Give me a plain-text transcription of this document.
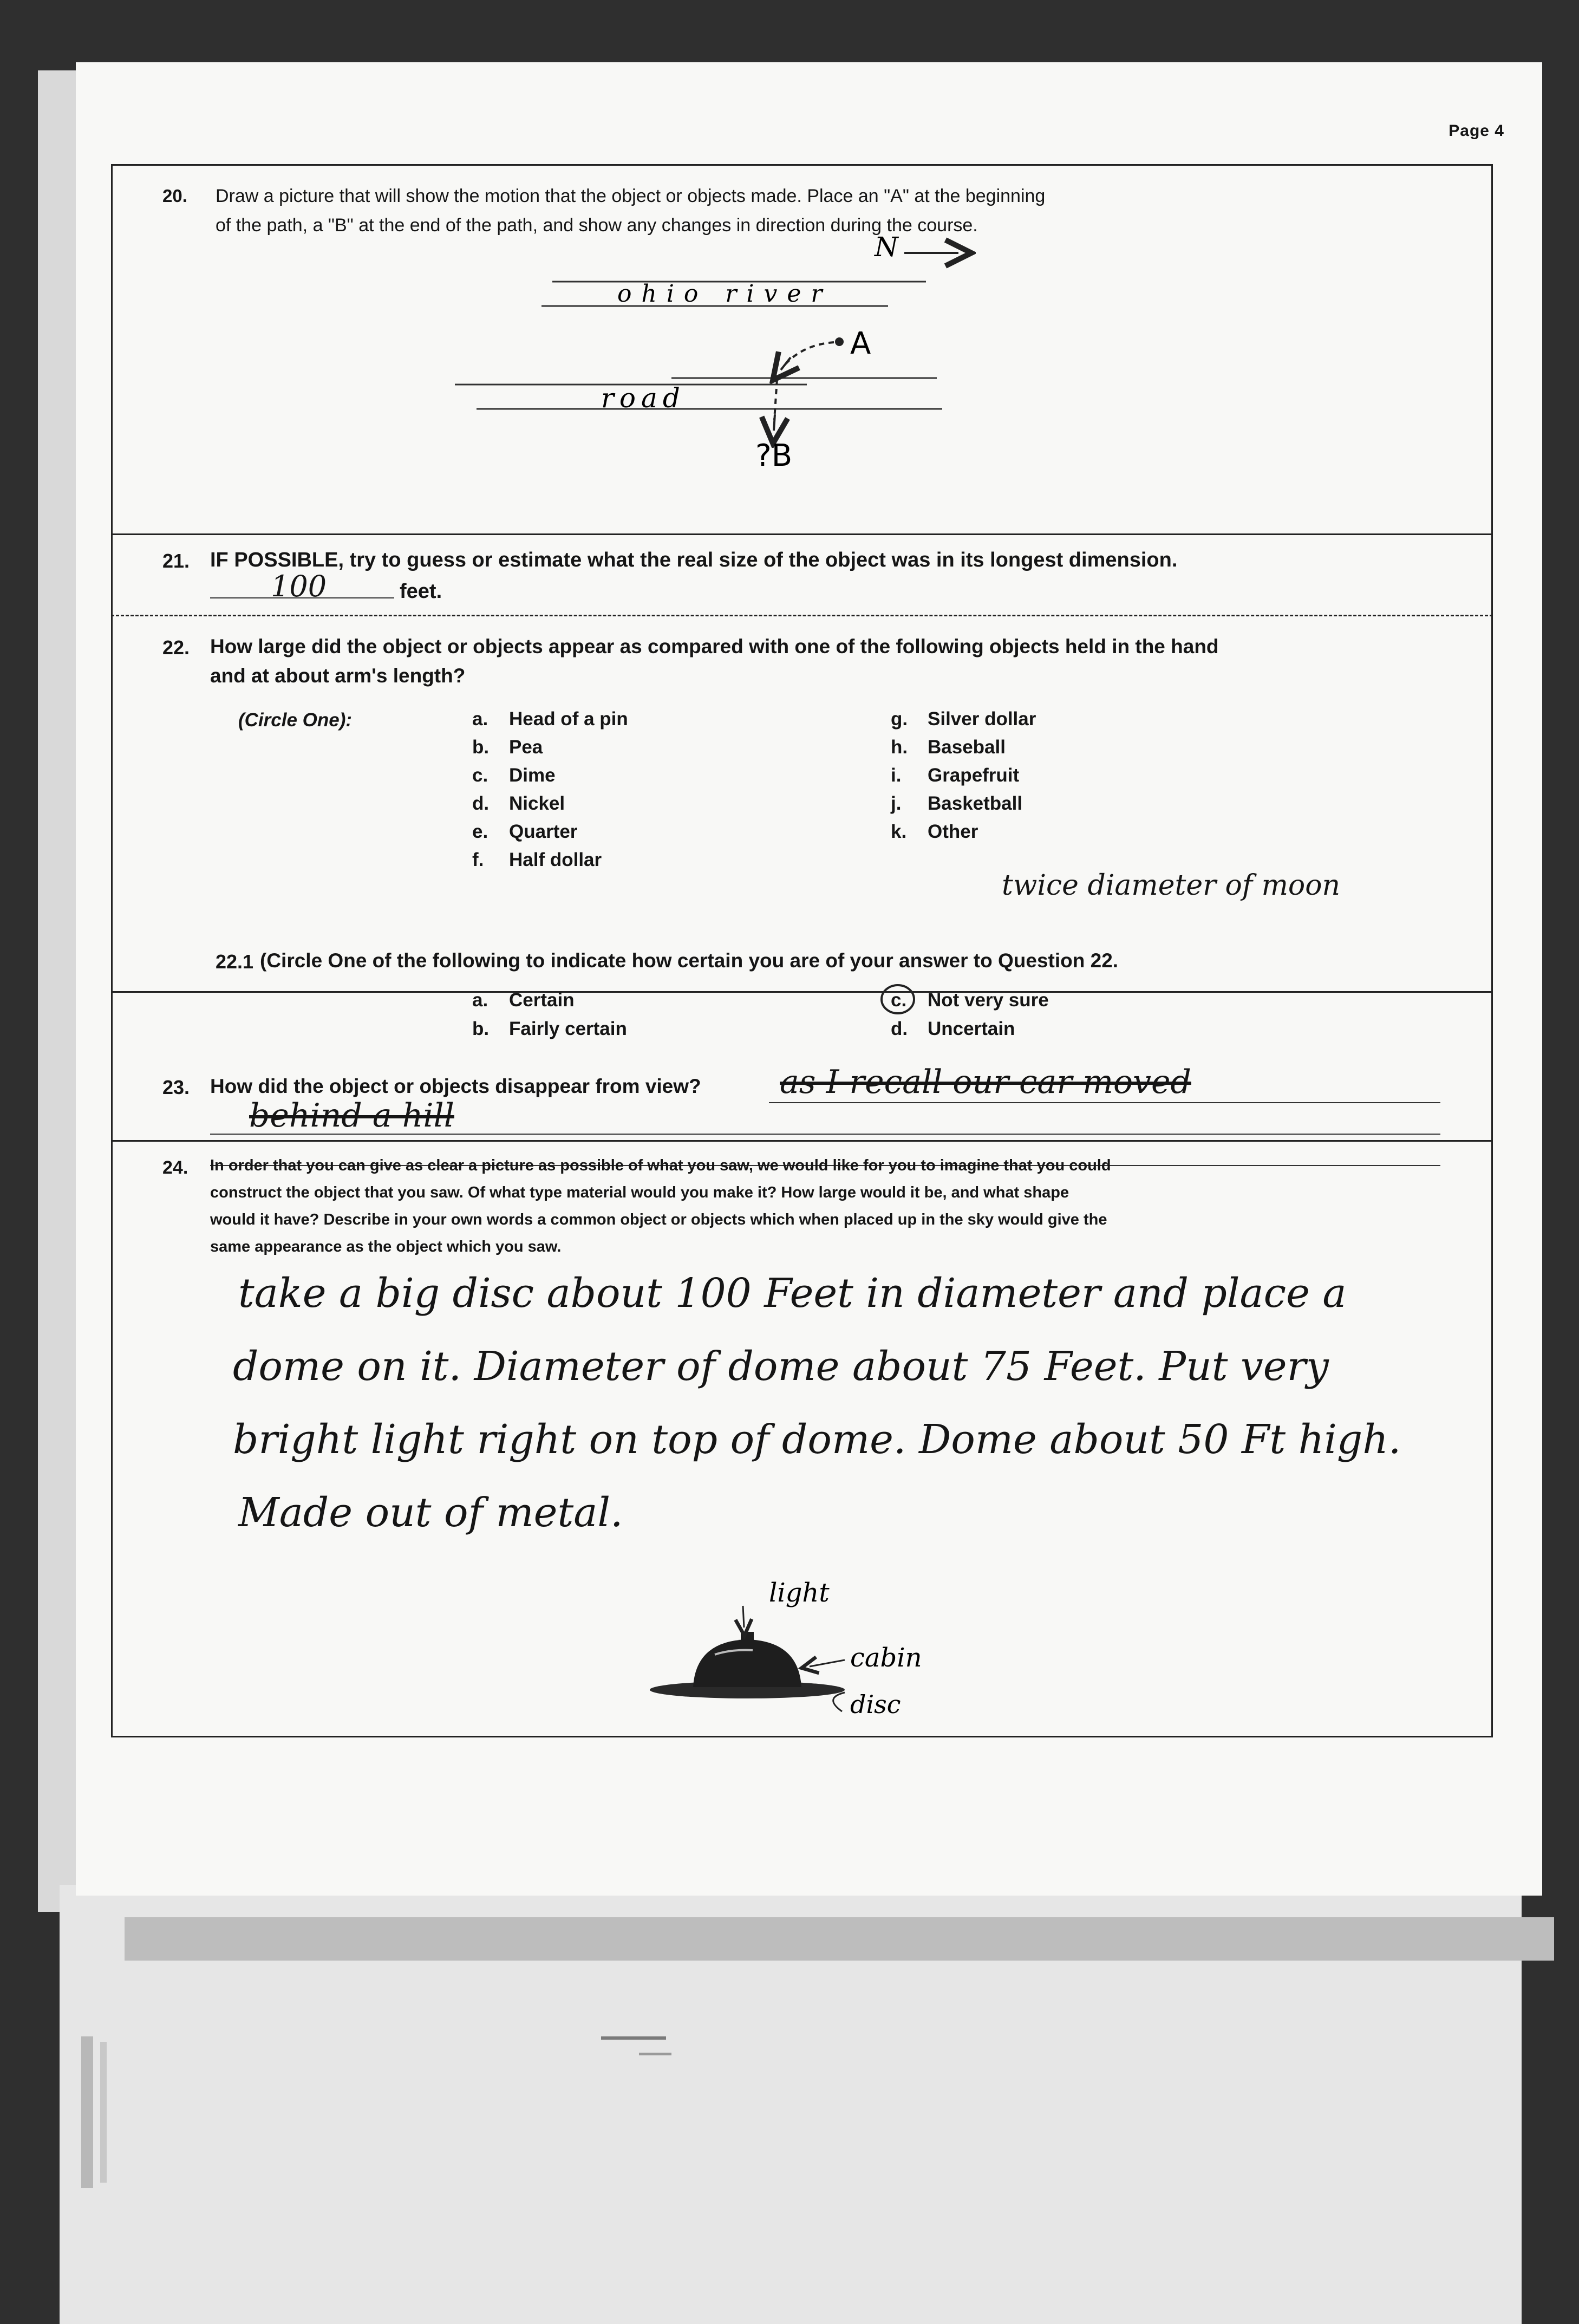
Page 4
20. Draw a picture that will show the motion that the object or objects made. Place an "A" at the beginning
of the path, a "B" at the end of the path, and show any changes in direction during the course.
N
ohio river
road
A
?B
21. IF POSSIBLE, try to guess or estimate what the real size of the object was in its longest dimension.
100	feet.
22. How large did the object or objects appear as compared with one of the following objects held in the hand
and at about arm's length?
(Circle One):	a. Head of a pin
b. Pea
c. Dime
d. Nickel
e. Quarter
f. Half dollar
g. Silver dollar
h. Baseball
i. Grapefruit
j. Basketball
k. Other
twice diameter of moon
22.1 (Circle One of the following to indicate how certain you are of your answer to Question 22.
a. Certain
b. Fairly certain
c. Not very sure
d. Uncertain
23. How did the object or objects disappear from view? as I recall our car moved
behind a hill
24. In order that you can give as clear a picture as possible of what you saw, we would like for you to imagine that you could
construct the object that you saw. Of what type material would you make it? How large would it be, and what shape
would it have? Describe in your own words a common object or objects which when placed up in the sky would give the
same appearance as the object which you saw.
take a big disc about 100 Feet in diameter and place a
dome on it. Diameter of dome about 75 Feet. Put very
bright light right on top of dome. Dome about 50 Ft high.
Made out of metal.
light
cabin
disc
